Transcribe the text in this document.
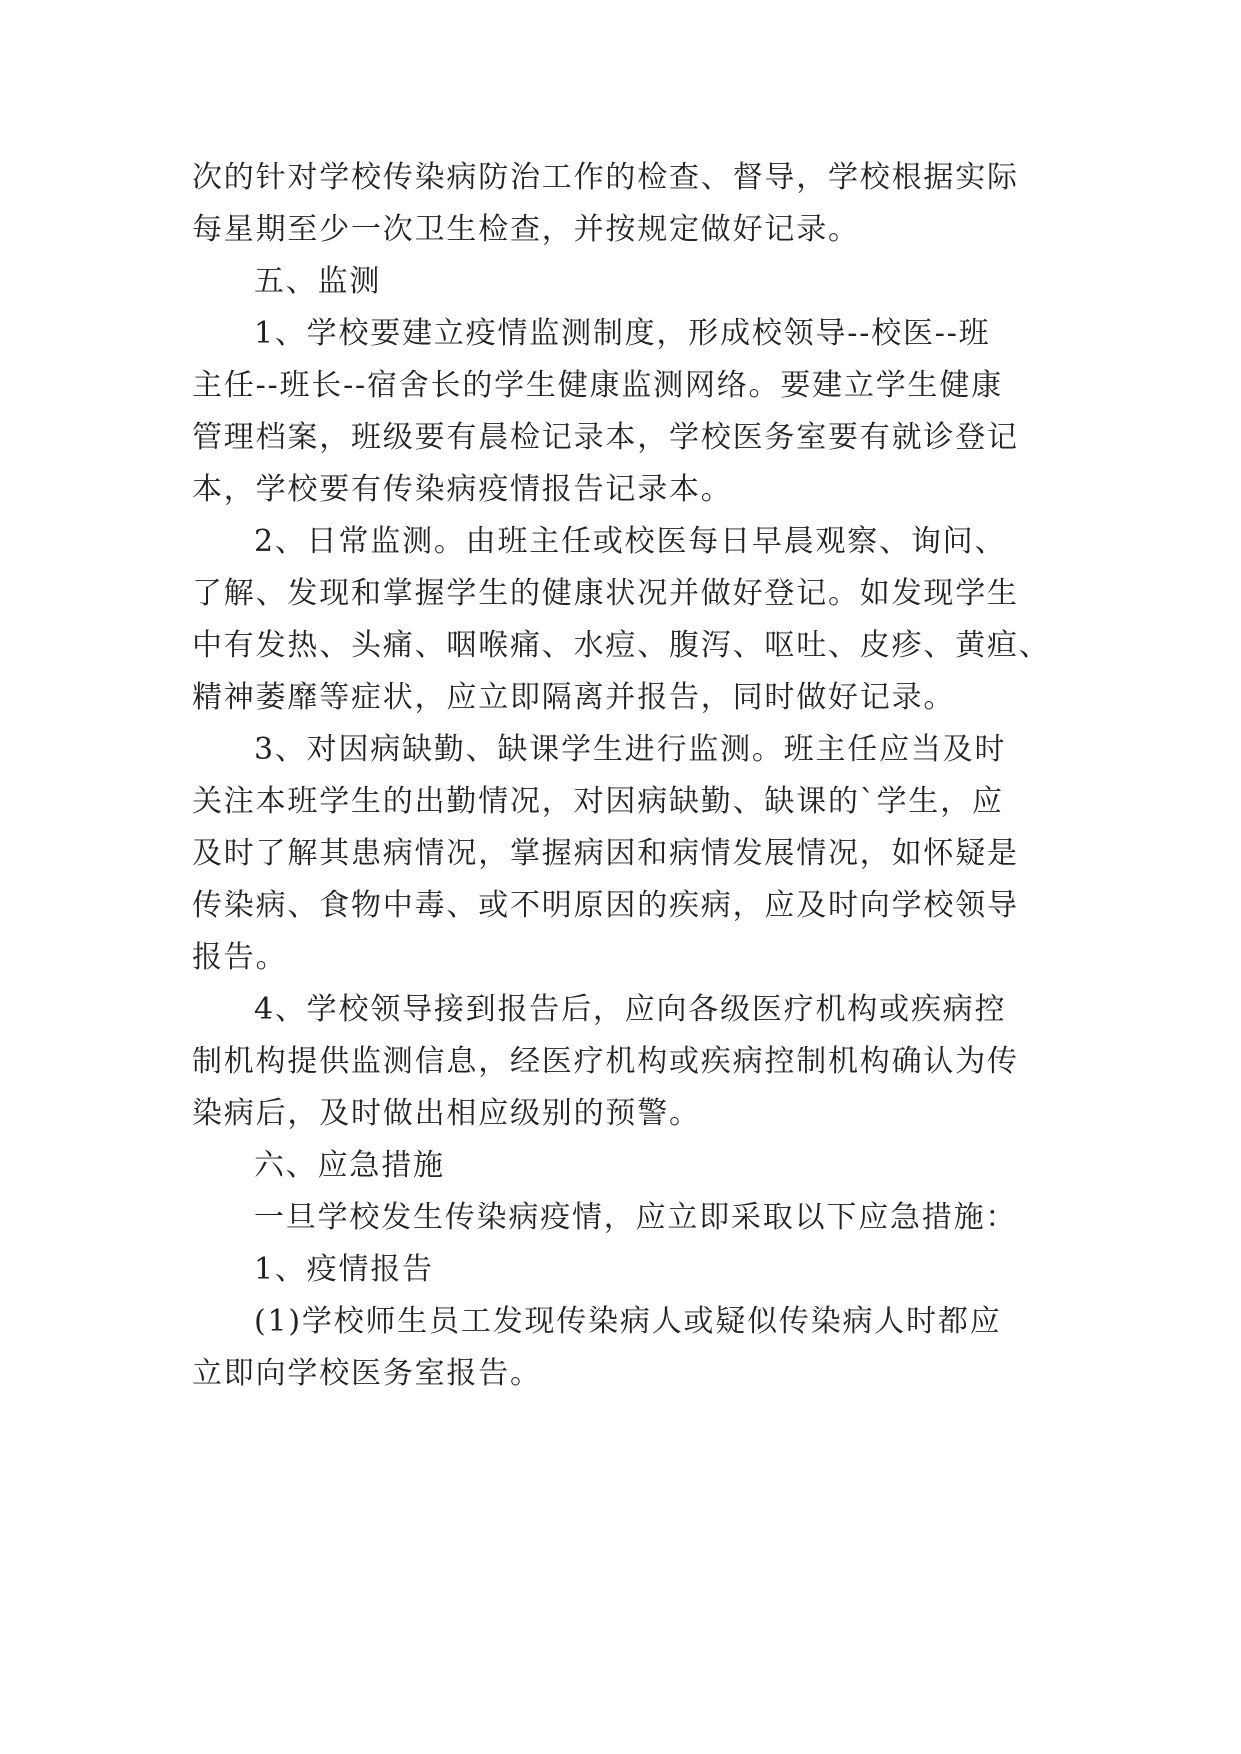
次的针对学校传染病防治工作的检查、督导，学校根据实际
每星期至少一次卫生检查，并按规定做好记录。
五、监测
1、学校要建立疫情监测制度，形成校领导--校医--班
主任--班长--宿舍长的学生健康监测网络。要建立学生健康
管理档案，班级要有晨检记录本，学校医务室要有就诊登记
本，学校要有传染病疫情报告记录本。
2、日常监测。由班主任或校医每日早晨观察、询问、
了解、发现和掌握学生的健康状况并做好登记。如发现学生
中有发热、头痛、咽喉痛、水痘、腹泻、呕吐、皮疹、黄疸、
精神萎靡等症状，应立即隔离并报告，同时做好记录。
3、对因病缺勤、缺课学生进行监测。班主任应当及时
关注本班学生的出勤情况，对因病缺勤、缺课的`学生，应
及时了解其患病情况，掌握病因和病情发展情况，如怀疑是
传染病、食物中毒、或不明原因的疾病，应及时向学校领导
报告。
4、学校领导接到报告后，应向各级医疗机构或疾病控
制机构提供监测信息，经医疗机构或疾病控制机构确认为传
染病后，及时做出相应级别的预警。
六、应急措施
一旦学校发生传染病疫情，应立即采取以下应急措施：
1、疫情报告
(1)学校师生员工发现传染病人或疑似传染病人时都应
立即向学校医务室报告。
